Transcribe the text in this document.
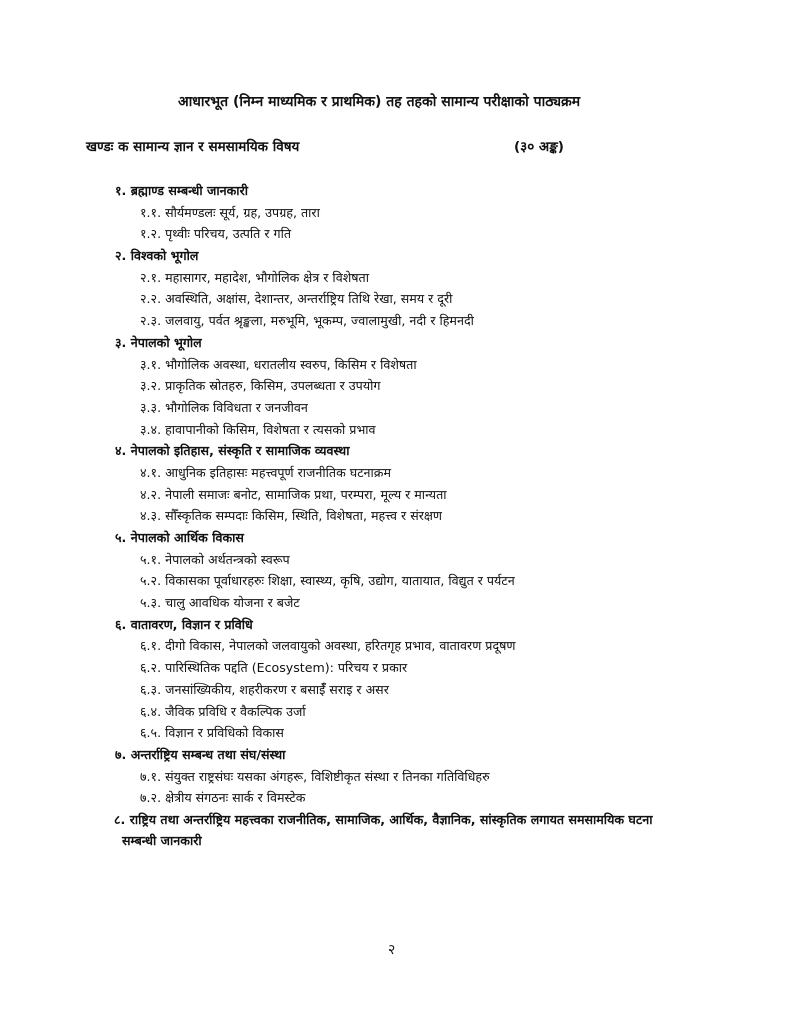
आधारभूत (निम्न माध्यमिक र प्राथमिक) तह तहको सामान्य परीक्षाको पाठ्यक्रम
खण्डः क सामान्य ज्ञान र समसामयिक विषय	(३० अङ्क)
१. ब्रह्माण्ड सम्बन्धी जानकारी
१.१. सौर्यमण्डलः सूर्य, ग्रह, उपग्रह, तारा
१.२. पृथ्वीः परिचय, उत्पति र गति
२. विश्वको भूगोल
२.१. महासागर, महादेश, भौगोलिक क्षेत्र र विशेषता
२.२. अवस्थिति, अक्षांस, देशान्तर, अन्तर्राष्ट्रिय तिथि रेखा, समय र दूरी
२.३. जलवायु, पर्वत श्रृङ्खला, मरुभूमि, भूकम्प, ज्वालामुखी, नदी र हिमनदी
३. नेपालको भूगोल
३.१. भौगोलिक अवस्था, धरातलीय स्वरुप, किसिम र विशेषता
३.२. प्राकृतिक स्रोतहरु, किसिम, उपलब्धता र उपयोग
३.३. भौगोलिक विविधता र जनजीवन
३.४. हावापानीको किसिम, विशेषता र त्यसको प्रभाव
४. नेपालको इतिहास, संस्कृति र सामाजिक व्यवस्था
४.१. आधुनिक इतिहासः महत्त्वपूर्ण राजनीतिक घटनाक्रम
४.२. नेपाली समाजः बनोट, सामाजिक प्रथा, परम्परा, मूल्य र मान्यता
४.३. सौँस्कृतिक सम्पदाः किसिम, स्थिति, विशेषता, महत्त्व र संरक्षण
५. नेपालको आर्थिक विकास
५.१. नेपालको अर्थतन्त्रको स्वरूप
५.२. विकासका पूर्वाधारहरुः शिक्षा, स्वास्थ्य, कृषि, उद्योग, यातायात, विद्युत र पर्यटन
५.३. चालु आवधिक योजना र बजेट
६. वातावरण, विज्ञान र प्रविधि
६.१. दीगो विकास, नेपालको जलवायुको अवस्था, हरितगृह प्रभाव, वातावरण प्रदूषण
६.२. पारिस्थितिक पद्दति (Ecosystem): परिचय र प्रकार
६.३. जनसांख्यिकीय, शहरीकरण र बसाईँ सराइ र असर
६.४. जैविक प्रविधि र वैकल्पिक उर्जा
६.५. विज्ञान र प्रविधिको विकास
७. अन्तर्राष्ट्रिय सम्बन्ध तथा संघ/संस्था
७.१. संयुक्त राष्ट्रसंघः यसका अंगहरू, विशिष्टीकृत संस्था र तिनका गतिविधिहरु
७.२. क्षेत्रीय संगठनः सार्क र विमस्टेक
८. राष्ट्रिय तथा अन्तर्राष्ट्रिय महत्त्वका राजनीतिक, सामाजिक, आर्थिक, वैज्ञानिक, सांस्कृतिक लगायत समसामयिक घटना
सम्बन्धी जानकारी
२
